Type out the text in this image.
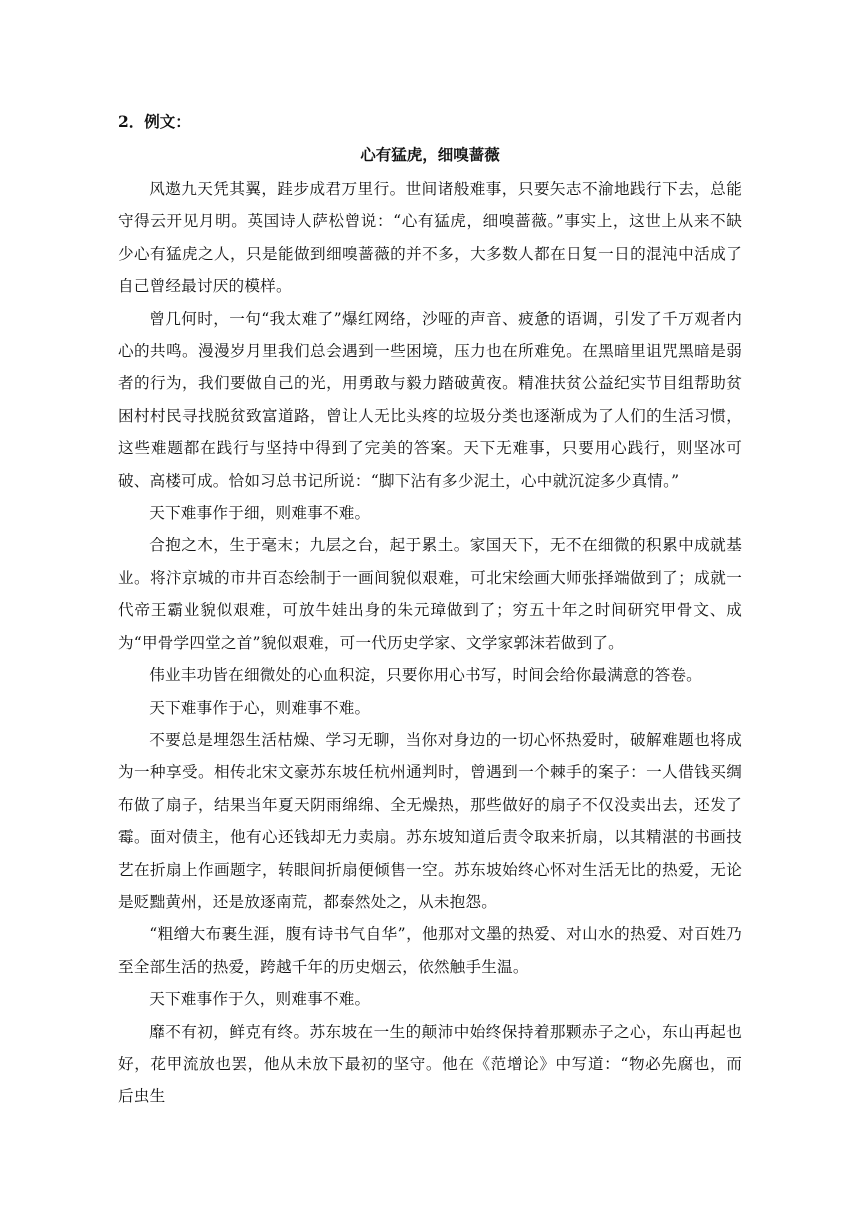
2．例文：
心有猛虎，细嗅蔷薇

风遨九天凭其翼，跬步成君万里行。世间诸般难事，只要矢志不渝地践行下去，总能守得云开见月明。英国诗人萨松曾说：“心有猛虎，细嗅蔷薇。”事实上，这世上从来不缺少心有猛虎之人，只是能做到细嗅蔷薇的并不多，大多数人都在日复一日的混沌中活成了自己曾经最讨厌的模样。

曾几何时，一句“我太难了”爆红网络，沙哑的声音、疲惫的语调，引发了千万观者内心的共鸣。漫漫岁月里我们总会遇到一些困境，压力也在所难免。在黑暗里诅咒黑暗是弱者的行为，我们要做自己的光，用勇敢与毅力踏破黄夜。精准扶贫公益纪实节目组帮助贫困村村民寻找脱贫致富道路，曾让人无比头疼的垃圾分类也逐渐成为了人们的生活习惯，这些难题都在践行与坚持中得到了完美的答案。天下无难事，只要用心践行，则坚冰可破、高楼可成。恰如习总书记所说：“脚下沾有多少泥土，心中就沉淀多少真情。”

天下难事作于细，则难事不难。

合抱之木，生于毫末；九层之台，起于累土。家国天下，无不在细微的积累中成就基业。将汴京城的市井百态绘制于一画间貌似艰难，可北宋绘画大师张择端做到了；成就一代帝王霸业貌似艰难，可放牛娃出身的朱元璋做到了；穷五十年之时间研究甲骨文、成为“甲骨学四堂之首”貌似艰难，可一代历史学家、文学家郭沫若做到了。

伟业丰功皆在细微处的心血积淀，只要你用心书写，时间会给你最满意的答卷。

天下难事作于心，则难事不难。

不要总是埋怨生活枯燥、学习无聊，当你对身边的一切心怀热爱时，破解难题也将成为一种享受。相传北宋文豪苏东坡任杭州通判时，曾遇到一个棘手的案子：一人借钱买绸布做了扇子，结果当年夏天阴雨绵绵、全无燥热，那些做好的扇子不仅没卖出去，还发了霉。面对债主，他有心还钱却无力卖扇。苏东坡知道后责令取来折扇，以其精湛的书画技艺在折扇上作画题字，转眼间折扇便倾售一空。苏东坡始终心怀对生活无比的热爱，无论是贬黜黄州，还是放逐南荒，都泰然处之，从未抱怨。

“粗缯大布裹生涯，腹有诗书气自华”，他那对文墨的热爱、对山水的热爱、对百姓乃至全部生活的热爱，跨越千年的历史烟云，依然触手生温。

天下难事作于久，则难事不难。

靡不有初，鲜克有终。苏东坡在一生的颠沛中始终保持着那颗赤子之心，东山再起也好，花甲流放也罢，他从未放下最初的坚守。他在《范增论》中写道：“物必先腐也，而后虫生
